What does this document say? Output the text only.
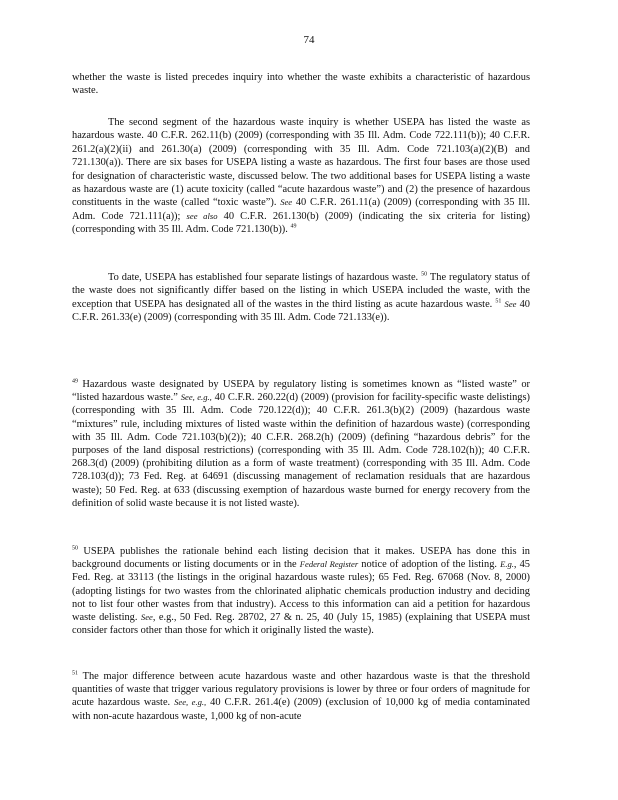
74

whether the waste is listed precedes inquiry into whether the waste exhibits a characteristic of hazardous waste.

The second segment of the hazardous waste inquiry is whether USEPA has listed the waste as hazardous waste. 40 C.F.R. 262.11(b) (2009) (corresponding with 35 Ill. Adm. Code 722.111(b)); 40 C.F.R. 261.2(a)(2)(ii) and 261.30(a) (2009) (corresponding with 35 Ill. Adm. Code 721.103(a)(2)(B) and 721.130(a)). There are six bases for USEPA listing a waste as hazardous. The first four bases are those used for designation of characteristic waste, discussed below. The two additional bases for USEPA listing a waste as hazardous waste are (1) acute toxicity (called “acute hazardous waste”) and (2) the presence of hazardous constituents in the waste (called “toxic waste”). See 40 C.F.R. 261.11(a) (2009) (corresponding with 35 Ill. Adm. Code 721.111(a)); see also 40 C.F.R. 261.130(b) (2009) (indicating the six criteria for listing) (corresponding with 35 Ill. Adm. Code 721.130(b)). $^{49}$

To date, USEPA has established four separate listings of hazardous waste. $^{50}$ The regulatory status of the waste does not significantly differ based on the listing in which USEPA included the waste, with the exception that USEPA has designated all of the wastes in the third listing as acute hazardous waste. $^{51}$ See 40 C.F.R. 261.33(e) (2009) (corresponding with 35 Ill. Adm. Code 721.133(e)).

$^{49}$ Hazardous waste designated by USEPA by regulatory listing is sometimes known as “listed waste” or “listed hazardous waste.” See, e.g., 40 C.F.R. 260.22(d) (2009) (provision for facility-specific waste delistings) (corresponding with 35 Ill. Adm. Code 720.122(d)); 40 C.F.R. 261.3(b)(2) (2009) (hazardous waste “mixtures” rule, including mixtures of listed waste within the definition of hazardous waste) (corresponding with 35 Ill. Adm. Code 721.103(b)(2)); 40 C.F.R. 268.2(h) (2009) (defining “hazardous debris” for the purposes of the land disposal restrictions) (corresponding with 35 Ill. Adm. Code 728.102(h)); 40 C.F.R. 268.3(d) (2009) (prohibiting dilution as a form of waste treatment) (corresponding with 35 Ill. Adm. Code 728.103(d)); 73 Fed. Reg. at 64691 (discussing management of reclamation residuals that are hazardous waste); 50 Fed. Reg. at 633 (discussing exemption of hazardous waste burned for energy recovery from the definition of solid waste because it is not listed waste).

$^{50}$ USEPA publishes the rationale behind each listing decision that it makes. USEPA has done this in background documents or listing documents or in the Federal Register notice of adoption of the listing. E.g., 45 Fed. Reg. at 33113 (the listings in the original hazardous waste rules); 65 Fed. Reg. 67068 (Nov. 8, 2000) (adopting listings for two wastes from the chlorinated aliphatic chemicals production industry and deciding not to list four other wastes from that industry). Access to this information can aid a petition for hazardous waste delisting. See, e.g., 50 Fed. Reg. 28702, 27 & n. 25, 40 (July 15, 1985) (explaining that USEPA must consider factors other than those for which it originally listed the waste).

$^{51}$ The major difference between acute hazardous waste and other hazardous waste is that the threshold quantities of waste that trigger various regulatory provisions is lower by three or four orders of magnitude for acute hazardous waste. See, e.g., 40 C.F.R. 261.4(e) (2009) (exclusion of 10,000 kg of media contaminated with non-acute hazardous waste, 1,000 kg of non-acute
